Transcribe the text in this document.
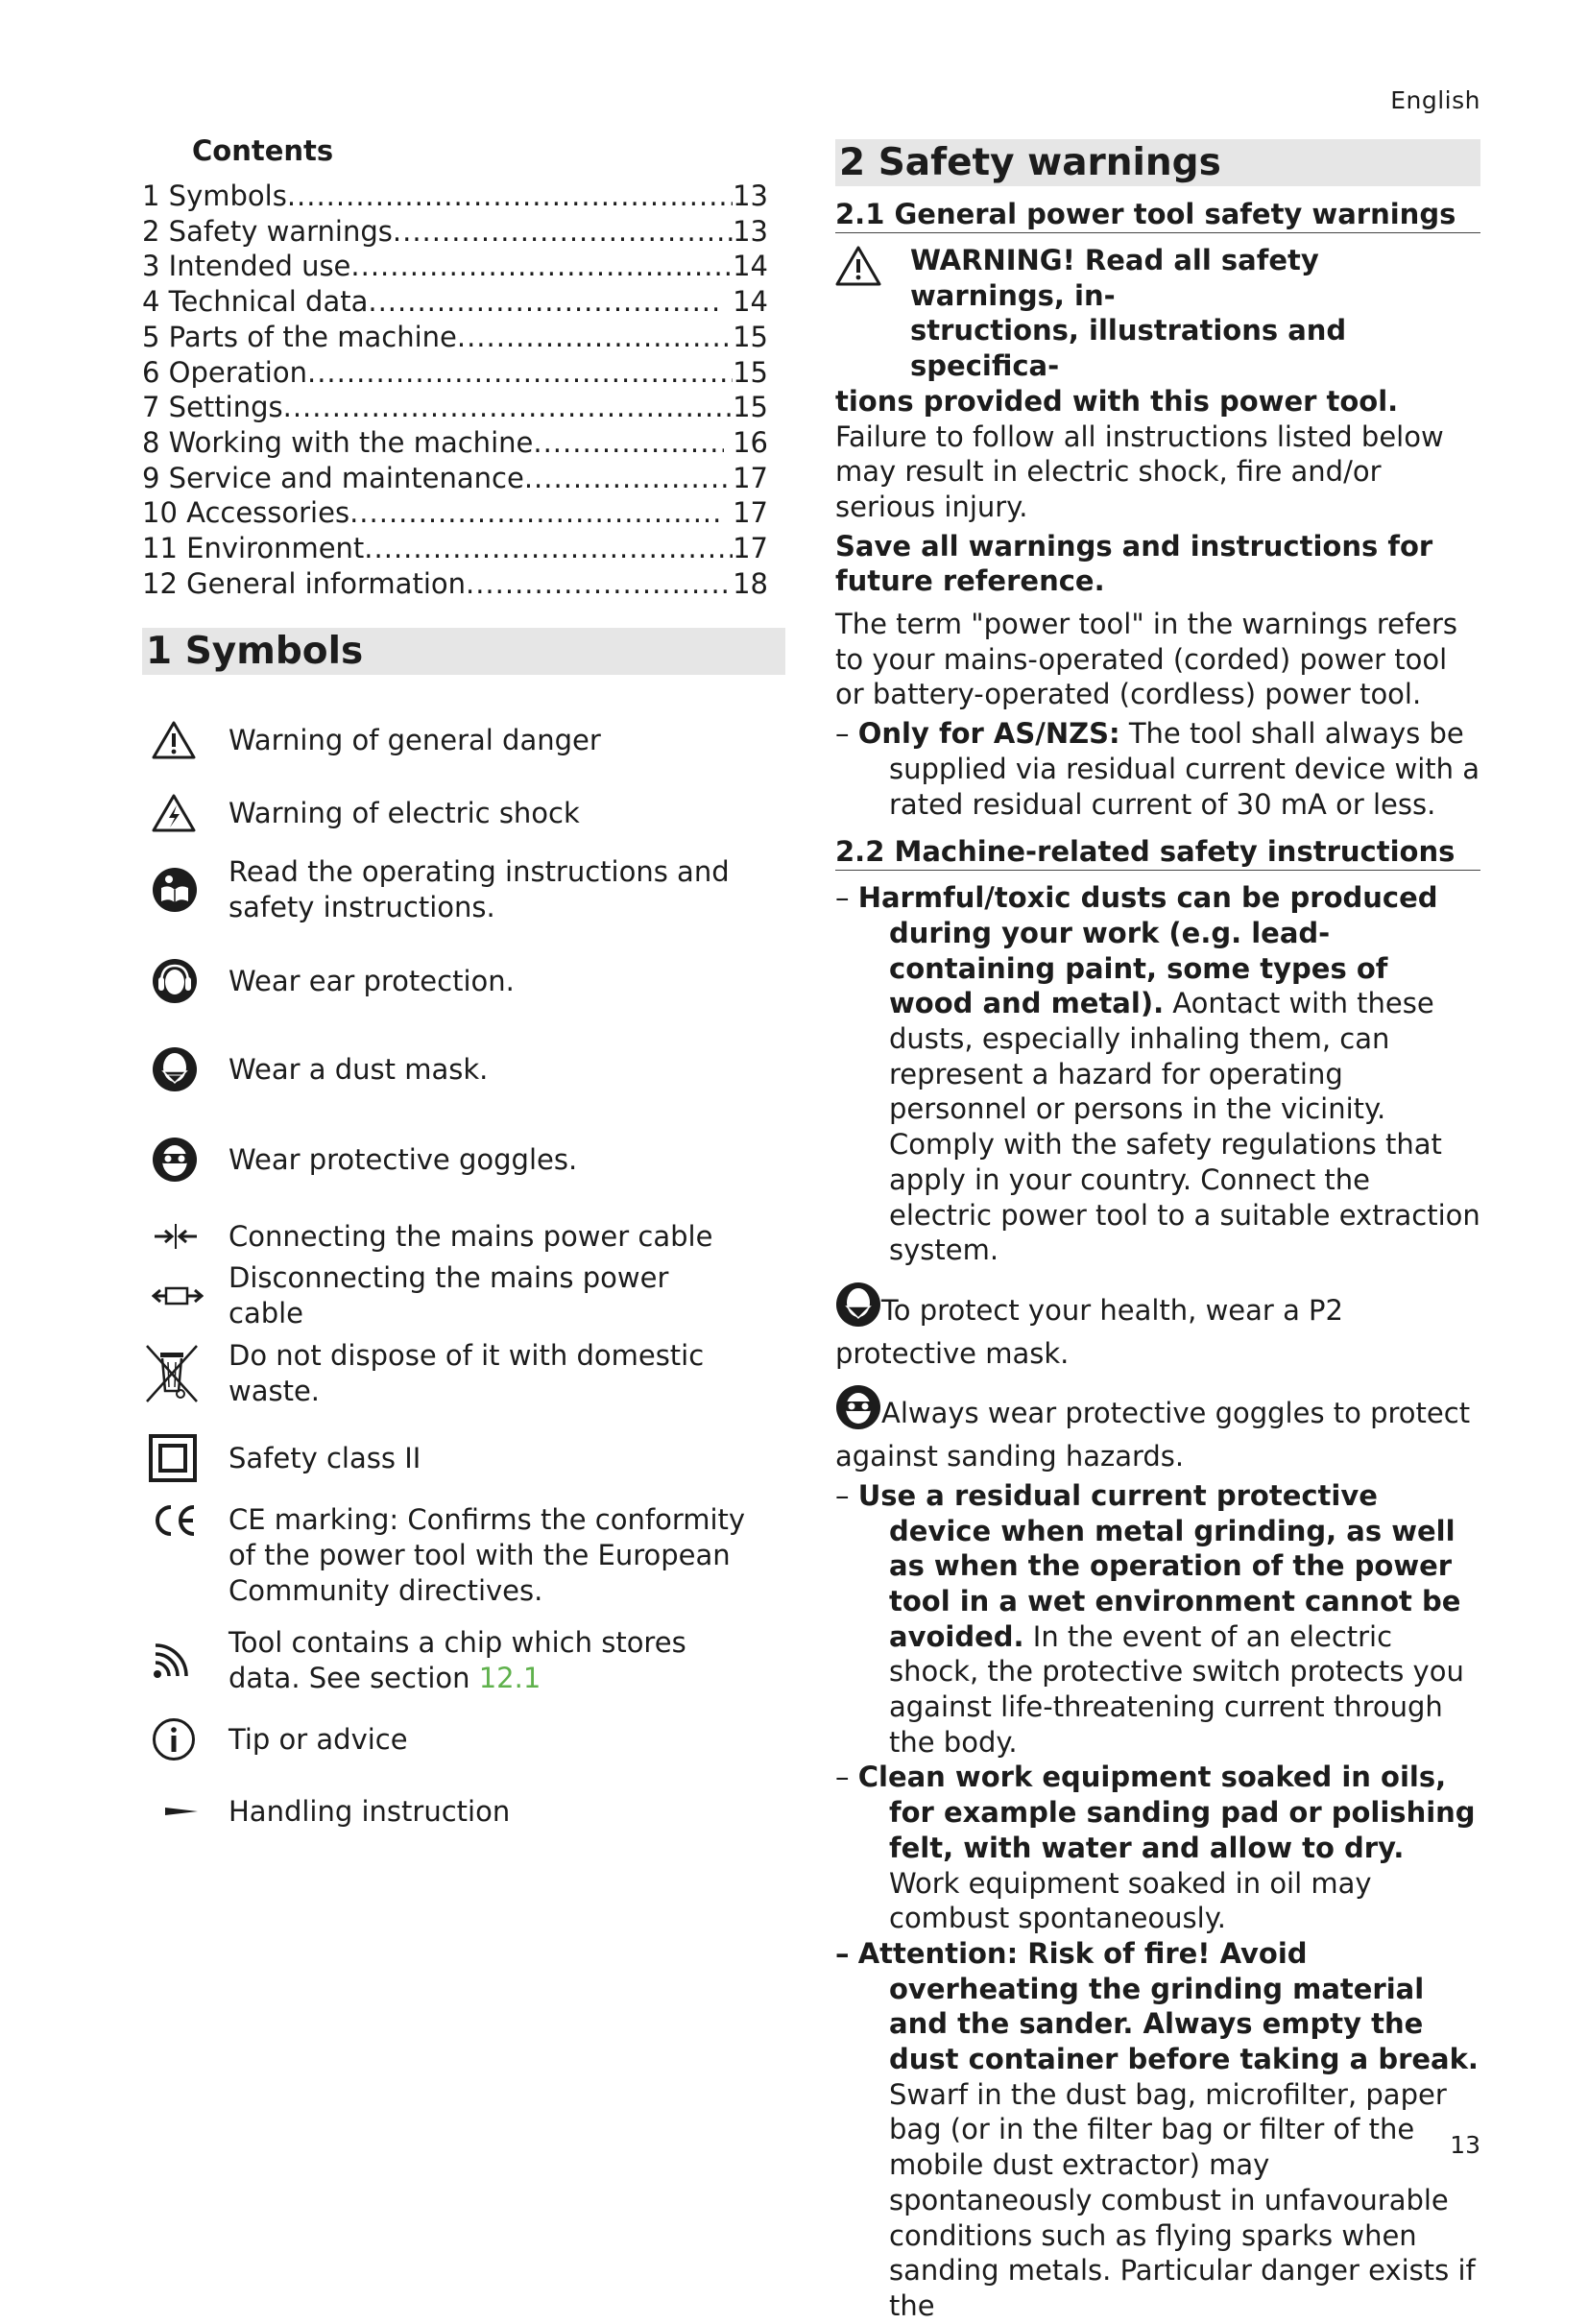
English
Contents
1 Symbols .....	13
2 Safety warnings .....	13
3 Intended use .....	14
4 Technical data .....	14
5 Parts of the machine .....	15
6 Operation .....	15
7 Settings .....	15
8 Working with the machine .....	16
9 Service and maintenance .....	17
10 Accessories .....	17
11 Environment .....	17
12 General information .....	18
1 Symbols
Warning of general danger
Warning of electric shock
Read the operating instructions and safety instructions.
Wear ear protection.
Wear a dust mask.
Wear protective goggles.
Connecting the mains power cable
Disconnecting the mains power cable
Do not dispose of it with domestic waste.
Safety class II
CE marking: Confirms the conformity of the power tool with the European Community directives.
Tool contains a chip which stores data. See section 12.1
Tip or advice
Handling instruction
2 Safety warnings
2.1 General power tool safety warnings

WARNING! Read all safety warnings, in-

structions, illustrations and specifica-

tions provided with this power tool. Failure to follow all instructions listed below may result in electric shock, fire and/or serious injury.

Save all warnings and instructions for future reference.

The term "power tool" in the warnings refers to your mains-operated (corded) power tool or battery-operated (cordless) power tool.

– Only for AS/NZS: The tool shall always be supplied via residual current device with a rated residual current of 30 mA or less.

2.2 Machine-related safety instructions

– Harmful/toxic dusts can be produced during your work (e.g. lead-containing paint, some types of wood and metal). Aontact with these dusts, especially inhaling them, can represent a hazard for operating personnel or persons in the vicinity. Comply with the safety regulations that apply in your country. Connect the electric power tool to a suitable extraction system.

To protect your health, wear a P2 protective mask.

Always wear protective goggles to protect against sanding hazards.

– Use a residual current protective device when metal grinding, as well as when the operation of the power tool in a wet environment cannot be avoided. In the event of an electric shock, the protective switch protects you against life-threatening current through the body.

– Clean work equipment soaked in oils, for example sanding pad or polishing felt, with water and allow to dry. Work equipment soaked in oil may combust spontaneously.

– Attention: Risk of fire! Avoid overheating the grinding material and the sander. Always empty the dust container before taking a break. Swarf in the dust bag, microfilter, paper bag (or in the filter bag or filter of the mobile dust extractor) may spontaneously combust in unfavourable conditions such as flying sparks when sanding metals. Particular danger exists if the

13
